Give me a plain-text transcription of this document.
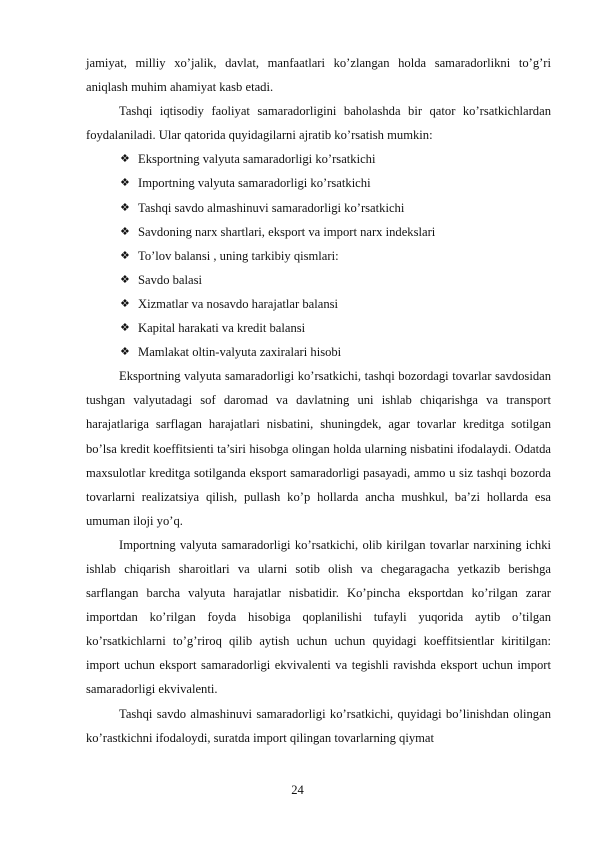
jamiyat, milliy xo’jalik, davlat, manfaatlari ko’zlangan holda samaradorlikni to’g’ri aniqlash muhim ahamiyat kasb etadi.

Tashqi iqtisodiy faoliyat samaradorligini baholashda bir qator ko’rsatkichlardan foydalaniladi. Ular qatorida quyidagilarni ajratib ko’rsatish mumkin:

❖ Eksportning valyuta samaradorligi ko’rsatkichi
❖ Importning valyuta samaradorligi ko’rsatkichi
❖ Tashqi savdo almashinuvi samaradorligi ko’rsatkichi
❖ Savdoning narx shartlari, eksport va import narx indekslari
❖ To’lov balansi , uning tarkibiy qismlari:
❖ Savdo balasi
❖ Xizmatlar va nosavdo harajatlar balansi
❖ Kapital harakati va kredit balansi
❖ Mamlakat oltin-valyuta zaxiralari hisobi

Eksportning valyuta samaradorligi ko’rsatkichi, tashqi bozordagi tovarlar savdosidan tushgan valyutadagi sof daromad va davlatning uni ishlab chiqarishga va transport harajatlariga sarflagan harajatlari nisbatini, shuningdek, agar tovarlar kreditga sotilgan bo’lsa kredit koeffitsienti ta’siri hisobga olingan holda ularning nisbatini ifodalaydi. Odatda maxsulotlar kreditga sotilganda eksport samaradorligi pasayadi, ammo u siz tashqi bozorda tovarlarni realizatsiya qilish, pullash ko’p hollarda ancha mushkul, ba’zi hollarda esa umuman iloji yo’q.

Importning valyuta samaradorligi ko’rsatkichi, olib kirilgan tovarlar narxining ichki ishlab chiqarish sharoitlari va ularni sotib olish va chegaragacha yetkazib berishga sarflangan barcha valyuta harajatlar nisbatidir. Ko’pincha eksportdan ko’rilgan zarar importdan ko’rilgan foyda hisobiga qoplanilishi tufayli yuqorida aytib o’tilgan ko’rsatkichlarni to’g’riroq qilib aytish uchun uchun quyidagi koeffitsientlar kiritilgan: import uchun eksport samaradorligi ekvivalenti va tegishli ravishda eksport uchun import samaradorligi ekvivalenti.

Tashqi savdo almashinuvi samaradorligi ko’rsatkichi, quyidagi bo’linishdan olingan ko’rastkichni ifodaloydi, suratda import qilingan tovarlarning qiymat

24
